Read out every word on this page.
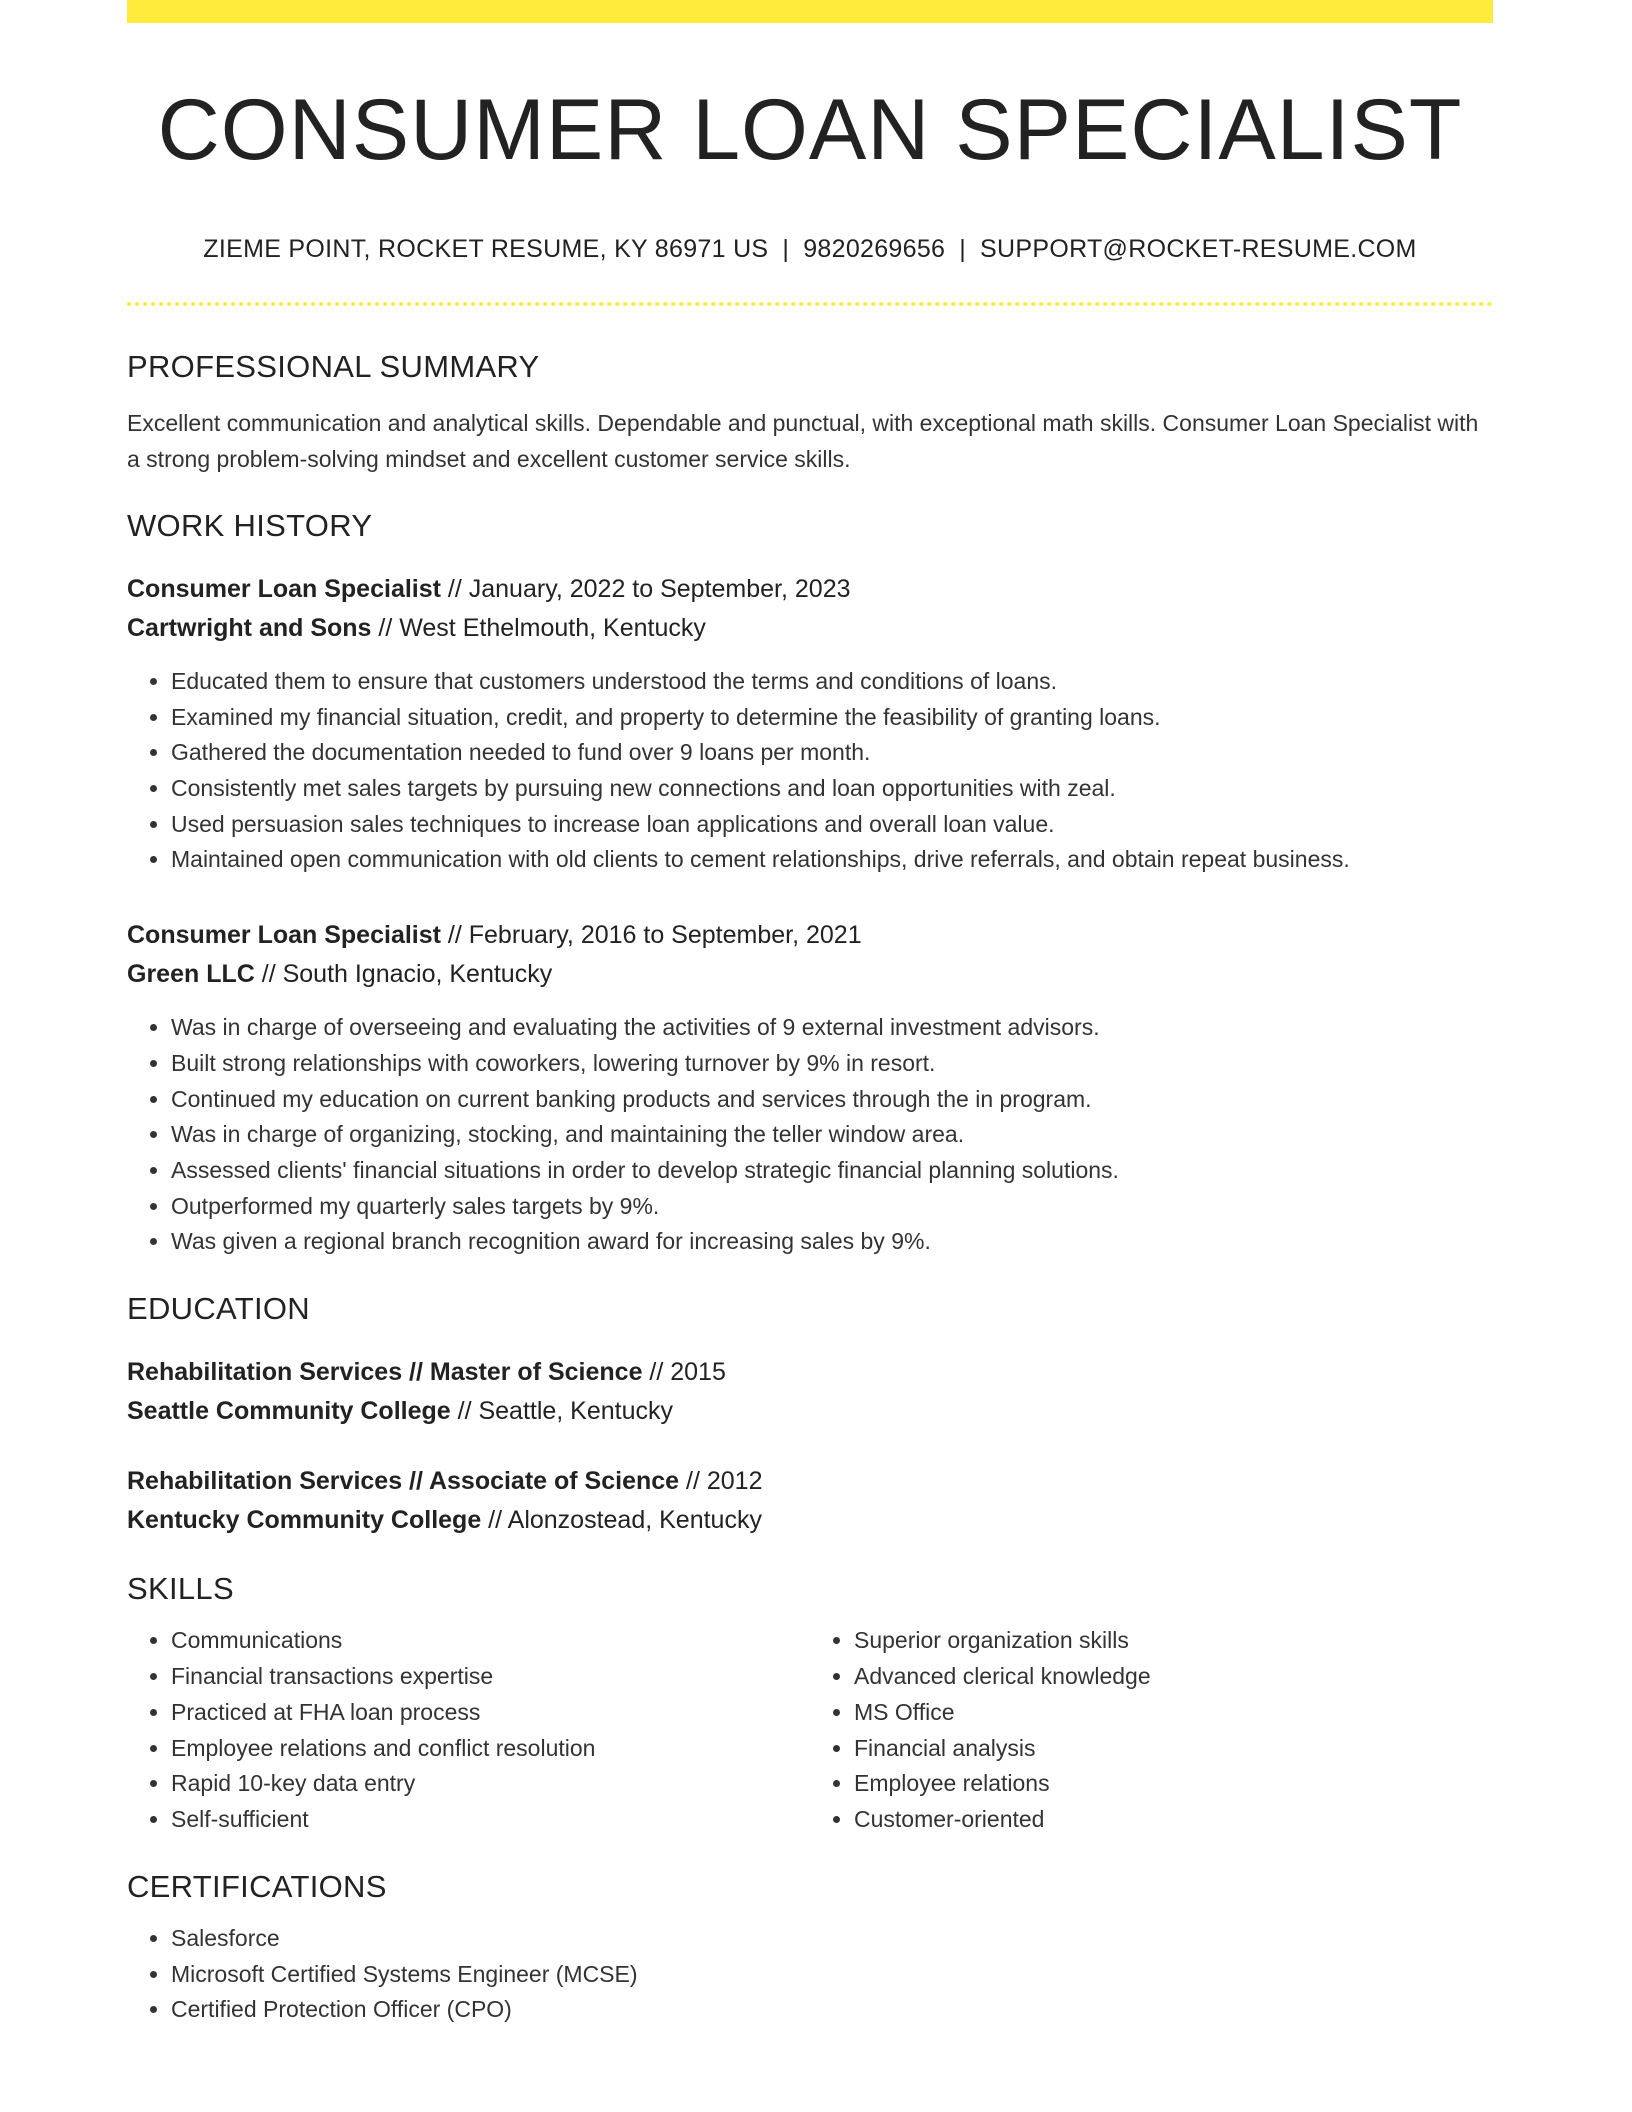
CONSUMER LOAN SPECIALIST
ZIEME POINT, ROCKET RESUME, KY 86971 US | 9820269656 | SUPPORT@ROCKET-RESUME.COM
PROFESSIONAL SUMMARY
Excellent communication and analytical skills. Dependable and punctual, with exceptional math skills. Consumer Loan Specialist with a strong problem-solving mindset and excellent customer service skills.
WORK HISTORY
Consumer Loan Specialist // January, 2022 to September, 2023
Cartwright and Sons // West Ethelmouth, Kentucky
• Educated them to ensure that customers understood the terms and conditions of loans.
• Examined my financial situation, credit, and property to determine the feasibility of granting loans.
• Gathered the documentation needed to fund over 9 loans per month.
• Consistently met sales targets by pursuing new connections and loan opportunities with zeal.
• Used persuasion sales techniques to increase loan applications and overall loan value.
• Maintained open communication with old clients to cement relationships, drive referrals, and obtain repeat business.
Consumer Loan Specialist // February, 2016 to September, 2021
Green LLC // South Ignacio, Kentucky
• Was in charge of overseeing and evaluating the activities of 9 external investment advisors.
• Built strong relationships with coworkers, lowering turnover by 9% in resort.
• Continued my education on current banking products and services through the in program.
• Was in charge of organizing, stocking, and maintaining the teller window area.
• Assessed clients' financial situations in order to develop strategic financial planning solutions.
• Outperformed my quarterly sales targets by 9%.
• Was given a regional branch recognition award for increasing sales by 9%.
EDUCATION
Rehabilitation Services // Master of Science // 2015
Seattle Community College // Seattle, Kentucky
Rehabilitation Services // Associate of Science // 2012
Kentucky Community College // Alonzostead, Kentucky
SKILLS
• Communications
• Financial transactions expertise
• Practiced at FHA loan process
• Employee relations and conflict resolution
• Rapid 10-key data entry
• Self-sufficient
• Superior organization skills
• Advanced clerical knowledge
• MS Office
• Financial analysis
• Employee relations
• Customer-oriented
CERTIFICATIONS
• Salesforce
• Microsoft Certified Systems Engineer (MCSE)
• Certified Protection Officer (CPO)
